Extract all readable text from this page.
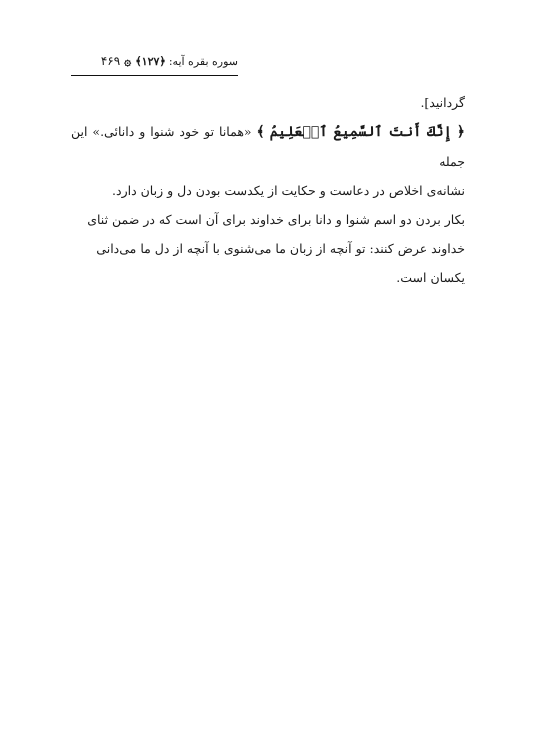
سوره بقره آیه:
﴿١٢٧﴾
۞
۴۶۹

گردانید].

﴿ إِنَّكَ أَنتَ ٱلسَّمِيعُ ٱلۡعَلِيمُ ﴾ «همانا تو خود شنوا و دانائی.» این جمله

نشانه‌ی اخلاص در دعاست و حکایت از یکدست بودن دل و زبان دارد.

بکار بردن دو اسم شنوا و دانا برای خداوند برای آن است که در ضمن ثنای

خداوند عرض کنند: تو آنچه از زبان ما می‌شنوی با آنچه از دل ما می‌دانی

یکسان است.
